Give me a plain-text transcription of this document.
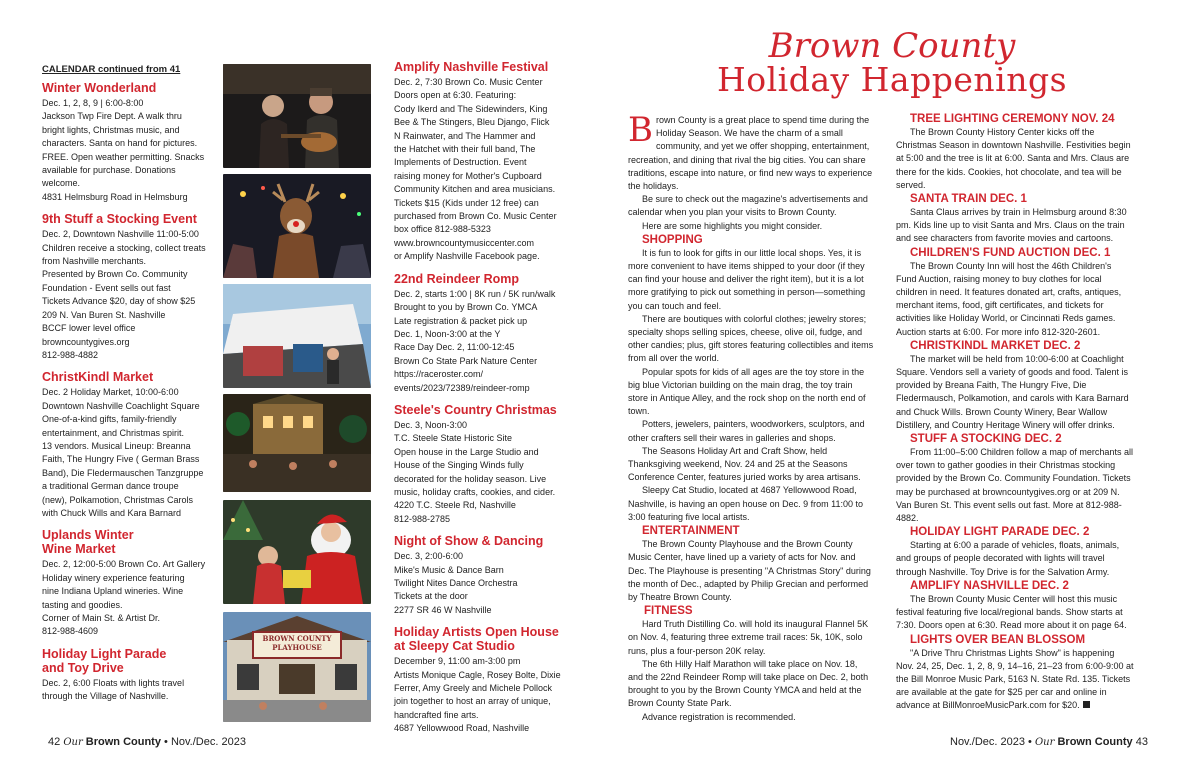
CALENDAR continued from 41
Winter Wonderland

Dec. 1, 2, 8, 9 | 6:00-8:00
Jackson Twp Fire Dept. A walk thru
bright lights, Christmas music, and
characters. Santa on hand for pictures.
FREE. Open weather permitting. Snacks
available for purchase. Donations
welcome.
4831 Helmsburg Road in Helmsburg

9th Stuff a Stocking Event

Dec. 2, Downtown Nashville 11:00-5:00
Children receive a stocking, collect treats
from Nashville merchants.
Presented by Brown Co. Community
Foundation - Event sells out fast
Tickets Advance $20, day of show $25
209 N. Van Buren St. Nashville
BCCF lower level office
browncountygives.org
812-988-4882

ChristKindl Market

Dec. 2 Holiday Market, 10:00-6:00
Downtown Nashville Coachlight Square
One-of-a-kind gifts, family-friendly
entertainment, and Christmas spirit.
13 vendors. Musical Lineup: Breanna
Faith, The Hungry Five ( German Brass
Band), Die Fledermauschen Tanzgruppe
a traditional German dance troupe
(new), Polkamotion, Christmas Carols
with Chuck Wills and Kara Barnard

Uplands Winter
Wine Market

Dec. 2, 12:00-5:00 Brown Co. Art Gallery
Holiday winery experience featuring
nine Indiana Upland wineries. Wine
tasting and goodies.
Corner of Main St. & Artist Dr.
812-988-4609

Holiday Light Parade
and Toy Drive

Dec. 2, 6:00 Floats with lights travel
through the Village of Nashville.

BROWN COUNTY
PLAYHOUSE
Amplify Nashville Festival

Dec. 2, 7:30 Brown Co. Music Center
Doors open at 6:30. Featuring:
Cody Ikerd and The Sidewinders, King
Bee & The Stingers, Bleu Django, Flick
N Rainwater, and The Hammer and
the Hatchet with their full band, The
Implements of Destruction. Event
raising money for Mother's Cupboard
Community Kitchen and area musicians.
Tickets $15 (Kids under 12 free) can
purchased from Brown Co. Music Center
box office 812-988-5323
www.browncountymusiccenter.com
or Amplify Nashville Facebook page.

22nd Reindeer Romp

Dec. 2, starts 1:00 | 8K run / 5K run/walk
Brought to you by Brown Co. YMCA
Late registration & packet pick up
Dec. 1, Noon-3:00 at the Y
Race Day Dec. 2, 11:00-12:45
Brown Co State Park Nature Center
https://raceroster.com/
events/2023/72389/reindeer-romp

Steele's Country Christmas

Dec. 3, Noon-3:00
T.C. Steele State Historic Site
Open house in the Large Studio and
House of the Singing Winds fully
decorated for the holiday season. Live
music, holiday crafts, cookies, and cider.
4220 T.C. Steele Rd, Nashville
812-988-2785

Night of Show & Dancing

Dec. 3, 2:00-6:00
Mike's Music & Dance Barn
Twilight Nites Dance Orchestra
Tickets at the door
2277 SR 46 W Nashville

Holiday Artists Open House
at Sleepy Cat Studio

December 9, 11:00 am-3:00 pm
Artists Monique Cagle, Rosey Bolte, Dixie
Ferrer, Amy Greely and Michele Pollock
join together to host an array of unique,
handcrafted fine arts.
4687 Yellowwood Road, Nashville

42 Our Brown County • Nov./Dec. 2023
Brown County
Holiday Happenings

Brown County is a great place to spend time during the Holiday Season. We have the charm of a small community, and yet we offer shopping, entertainment, recreation, and dining that rival the big cities. You can share traditions, escape into nature, or find new ways to experience the holidays.

Be sure to check out the magazine's advertisements and calendar when you plan your visits to Brown County.

Here are some highlights you might consider.

SHOPPING

It is fun to look for gifts in our little local shops. Yes, it is more convenient to have items shipped to your door (if they can find your house and deliver the right item), but it is a lot more gratifying to pick out something in person—something you can touch and feel.

There are boutiques with colorful clothes; jewelry stores; specialty shops selling spices, cheese, olive oil, fudge, and other candies; plus, gift stores featuring collectibles and items from all over the world.

Popular spots for kids of all ages are the toy store in the big blue Victorian building on the main drag, the toy train store in Antique Alley, and the rock shop on the north end of town.

Potters, jewelers, painters, woodworkers, sculptors, and other crafters sell their wares in galleries and shops.

The Seasons Holiday Art and Craft Show, held Thanksgiving weekend, Nov. 24 and 25 at the Seasons Conference Center, features juried works by area artisans.

Sleepy Cat Studio, located at 4687 Yellowwood Road, Nashville, is having an open house on Dec. 9 from 11:00 to 3:00 featuring five local artists.

ENTERTAINMENT

The Brown County Playhouse and the Brown County Music Center, have lined up a variety of acts for Nov. and Dec. The Playhouse is presenting "A Christmas Story" during the month of Dec., adapted by Philip Grecian and performed by Theatre Brown County.

FITNESS

Hard Truth Distilling Co. will hold its inaugural Flannel 5K on Nov. 4, featuring three extreme trail races: 5k, 10K, solo runs, plus a four-person 20K relay.

The 6th Hilly Half Marathon will take place on Nov. 18, and the 22nd Reindeer Romp will take place on Dec. 2, both brought to you by the Brown County YMCA and held at the Brown County State Park.

Advance registration is recommended.

TREE LIGHTING CEREMONY NOV. 24

The Brown County History Center kicks off the Christmas Season in downtown Nashville. Festivities begin at 5:00 and the tree is lit at 6:00. Santa and Mrs. Claus are there for the kids. Cookies, hot chocolate, and tea will be served.

SANTA TRAIN DEC. 1

Santa Claus arrives by train in Helmsburg around 8:30 pm. Kids line up to visit Santa and Mrs. Claus on the train and see characters from favorite movies and cartoons.

CHILDREN'S FUND AUCTION DEC. 1

The Brown County Inn will host the 46th Children's Fund Auction, raising money to buy clothes for local children in need. It features donated art, crafts, antiques, merchant items, food, gift certificates, and tickets for activities like Holiday World, or Cincinnati Reds games. Auction starts at 6:00. For more info 812-320-2601.

CHRISTKINDL MARKET DEC. 2

The market will be held from 10:00-6:00 at Coachlight Square. Vendors sell a variety of goods and food. Talent is provided by Breana Faith, The Hungry Five, Die Fledermausch, Polkamotion, and carols with Kara Barnard and Chuck Wills. Brown County Winery, Bear Wallow Distillery, and Country Heritage Winery will offer drinks.

STUFF A STOCKING DEC. 2

From 11:00–5:00 Children follow a map of merchants all over town to gather goodies in their Christmas stocking provided by the Brown Co. Community Foundation. Tickets may be purchased at browncountygives.org or at 209 N. Van Buren St. This event sells out fast. More at 812-988-4882.

HOLIDAY LIGHT PARADE DEC. 2

Starting at 6:00 a parade of vehicles, floats, animals, and groups of people decorated with lights will travel through Nashville. Toy Drive is for the Salvation Army.

AMPLIFY NASHVILLE DEC. 2

The Brown County Music Center will host this music festival featuring five local/regional bands. Show starts at 7:30. Doors open at 6:30. Read more about it on page 64.

LIGHTS OVER BEAN BLOSSOM

"A Drive Thru Christmas Lights Show" is happening Nov. 24, 25, Dec. 1, 2, 8, 9, 14–16, 21–23 from 6:00-9:00 at the Bill Monroe Music Park, 5163 N. State Rd. 135. Tickets are available at the gate for $25 per car and online in advance at BillMonroeMusicPark.com for $20.

Nov./Dec. 2023 • Our Brown County 43
